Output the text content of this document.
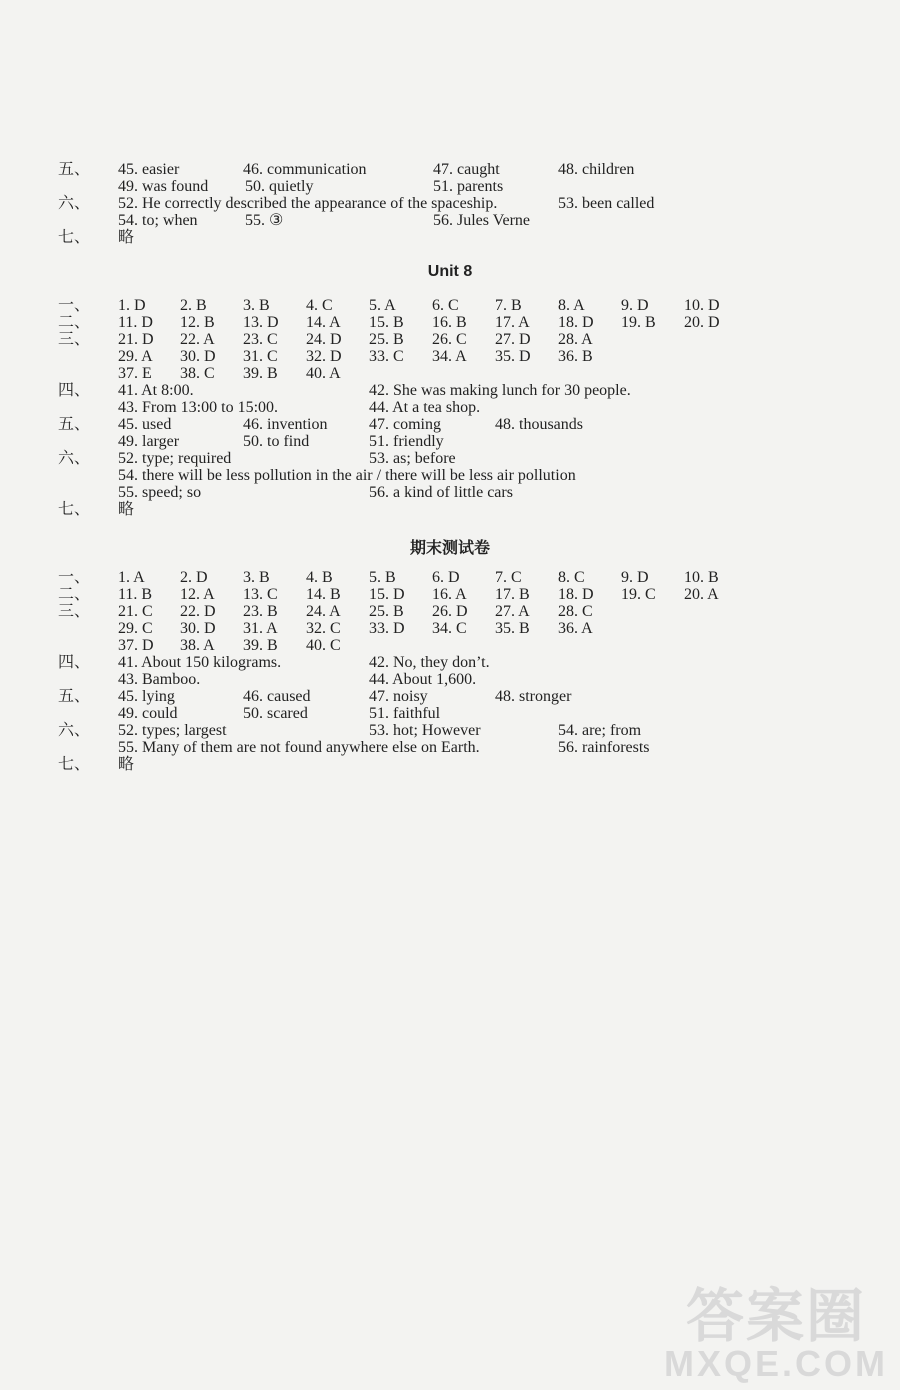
五、 45. easier	46. communication	47. caught	48. children
49. was found 50. quietly	51. parents
六、 52. He correctly described the appearance of the spaceship.	53. been called
54. to; when	55. ③	56. Jules Verne
七、 略
Unit 8
一、 1. D 2. B 3. B 4. C 5. A 6. C 7. B 8. A 9. D 10. D
二、 11. D 12. B 13. D 14. A 15. B 16. B 17. A 18. D 19. B 20. D
三、 21. D 22. A 23. C 24. D 25. B 26. C 27. D 28. A
29. A 30. D 31. C 32. D 33. C 34. A 35. D 36. B
37. E 38. C 39. B 40. A
四、 41. At 8:00.	42. She was making lunch for 30 people.
43. From 13:00 to 15:00.	44. At a tea shop.
五、 45. used	46. invention	47. coming	48. thousands
49. larger	50. to find	51. friendly
六、 52. type; required	53. as; before
54. there will be less pollution in the air / there will be less air pollution
55. speed; so	56. a kind of little cars
七、 略
期末测试卷
一、 1. A 2. D 3. B 4. B 5. B 6. D 7. C 8. C 9. D 10. B
二、 11. B 12. A 13. C 14. B 15. D 16. A 17. B 18. D 19. C 20. A
三、 21. C 22. D 23. B 24. A 25. B 26. D 27. A 28. C
29. C 30. D 31. A 32. C 33. D 34. C 35. B 36. A
37. D 38. A 39. B 40. C
四、 41. About 150 kilograms.	42. No, they don’t.
43. Bamboo.	44. About 1,600.
五、 45. lying	46. caused	47. noisy	48. stronger
49. could	50. scared	51. faithful
六、 52. types; largest	53. hot; However	54. are; from
55. Many of them are not found anywhere else on Earth.	56. rainforests
七、 略
答案圈
MXQE.COM
